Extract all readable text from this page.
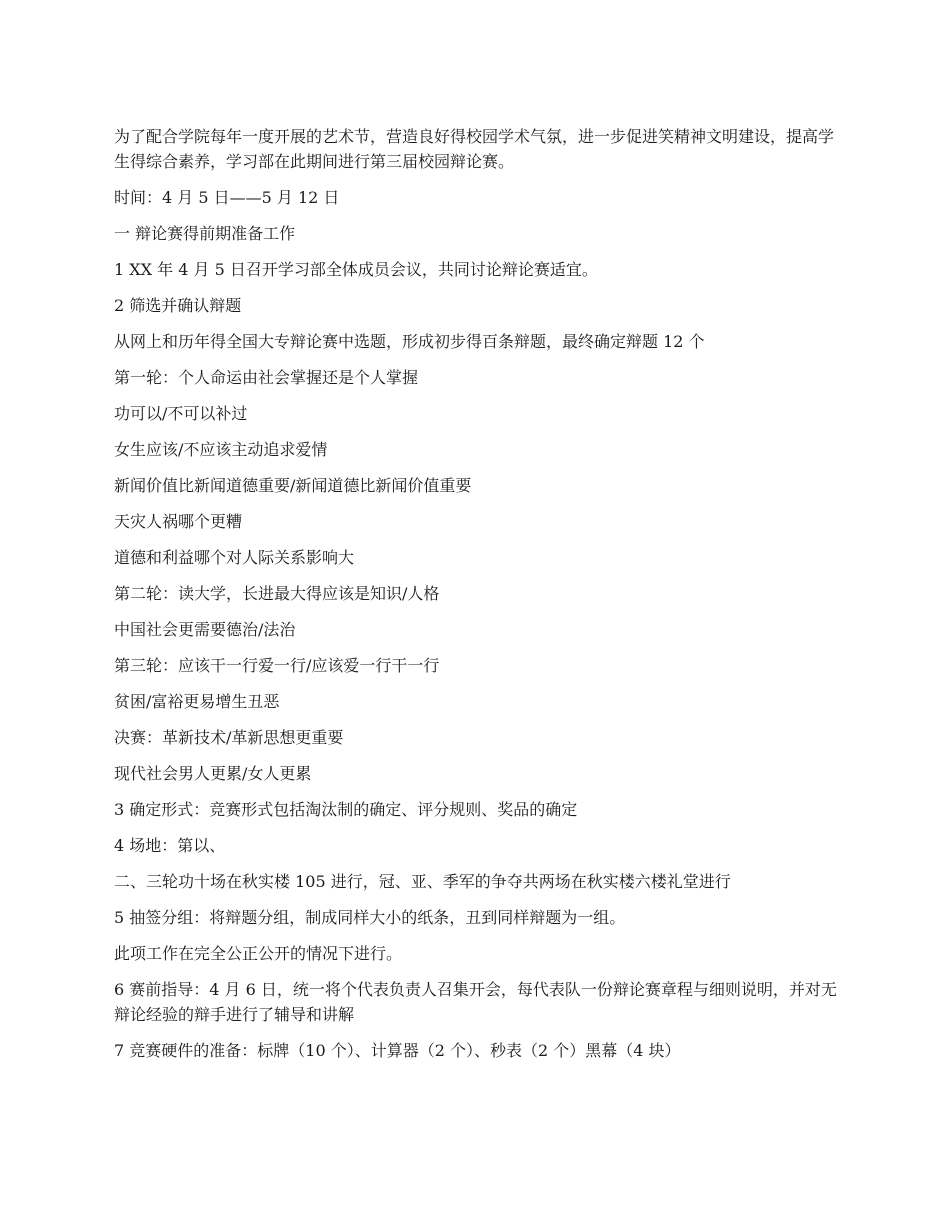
为了配合学院每年一度开展的艺术节，营造良好得校园学术气氛，进一步促进笑精神文明建设，提高学生得综合素养，学习部在此期间进行第三届校园辩论赛。

时间：4 月 5 日——5 月 12 日

一 辩论赛得前期准备工作

1 XX 年 4 月 5 日召开学习部全体成员会议，共同讨论辩论赛适宜。

2 筛选并确认辩题

从网上和历年得全国大专辩论赛中选题，形成初步得百条辩题，最终确定辩题 12 个

第一轮：个人命运由社会掌握还是个人掌握

功可以/不可以补过

女生应该/不应该主动追求爱情

新闻价值比新闻道德重要/新闻道德比新闻价值重要

天灾人祸哪个更糟

道德和利益哪个对人际关系影响大

第二轮：读大学，长进最大得应该是知识/人格

中国社会更需要德治/法治

第三轮：应该干一行爱一行/应该爱一行干一行

贫困/富裕更易增生丑恶

决赛：革新技术/革新思想更重要

现代社会男人更累/女人更累

3 确定形式：竞赛形式包括淘汰制的确定、评分规则、奖品的确定

4 场地：第以、

二、三轮功十场在秋实楼 105 进行，冠、亚、季军的争夺共两场在秋实楼六楼礼堂进行

5 抽签分组：将辩题分组，制成同样大小的纸条，丑到同样辩题为一组。

此项工作在完全公正公开的情况下进行。

6 赛前指导：4 月 6 日，统一将个代表负责人召集开会，每代表队一份辩论赛章程与细则说明，并对无辩论经验的辩手进行了辅导和讲解

7 竞赛硬件的准备：标牌（10 个）、计算器（2 个）、秒表（2 个）黑幕（4 块）
